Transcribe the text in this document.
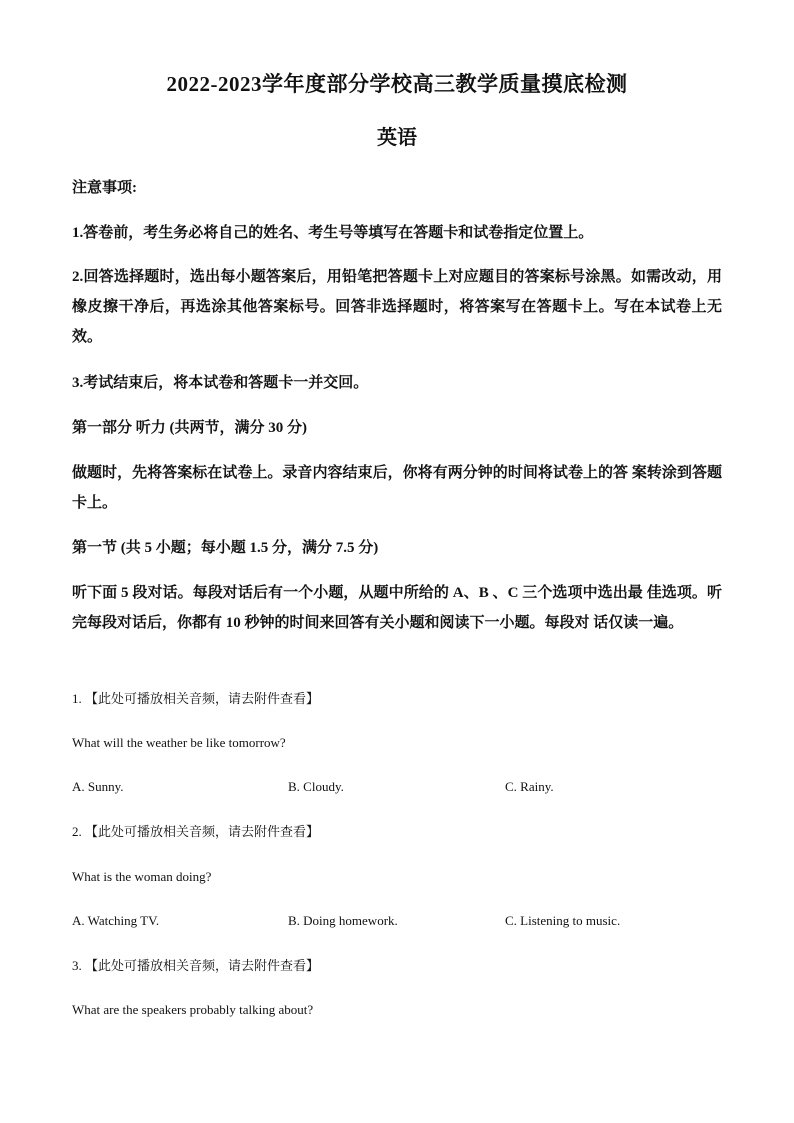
2022-2023学年度部分学校高三教学质量摸底检测
英语
注意事项:
1.答卷前，考生务必将自己的姓名、考生号等填写在答题卡和试卷指定位置上。
2.回答选择题时，选出每小题答案后，用铅笔把答题卡上对应题目的答案标号涂黑。如需改动，用橡皮擦干净后，再选涂其他答案标号。回答非选择题时，将答案写在答题卡上。写在本试卷上无效。
3.考试结束后，将本试卷和答题卡一并交回。
第一部分 听力 (共两节，满分 30 分)
做题时，先将答案标在试卷上。录音内容结束后，你将有两分钟的时间将试卷上的答 案转涂到答题卡上。
第一节 (共 5 小题；每小题 1.5 分，满分 7.5 分)
听下面 5 段对话。每段对话后有一个小题，从题中所给的 A、B 、C 三个选项中选出最 佳选项。听完每段对话后，你都有 10 秒钟的时间来回答有关小题和阅读下一小题。每段对 话仅读一遍。
1. 【此处可播放相关音频，请去附件查看】
What will the weather be like tomorrow?
A. Sunny.	B. Cloudy.	C. Rainy.
2. 【此处可播放相关音频，请去附件查看】
What is the woman doing?
A. Watching TV.	B. Doing homework.	C. Listening to music.
3. 【此处可播放相关音频，请去附件查看】
What are the speakers probably talking about?
